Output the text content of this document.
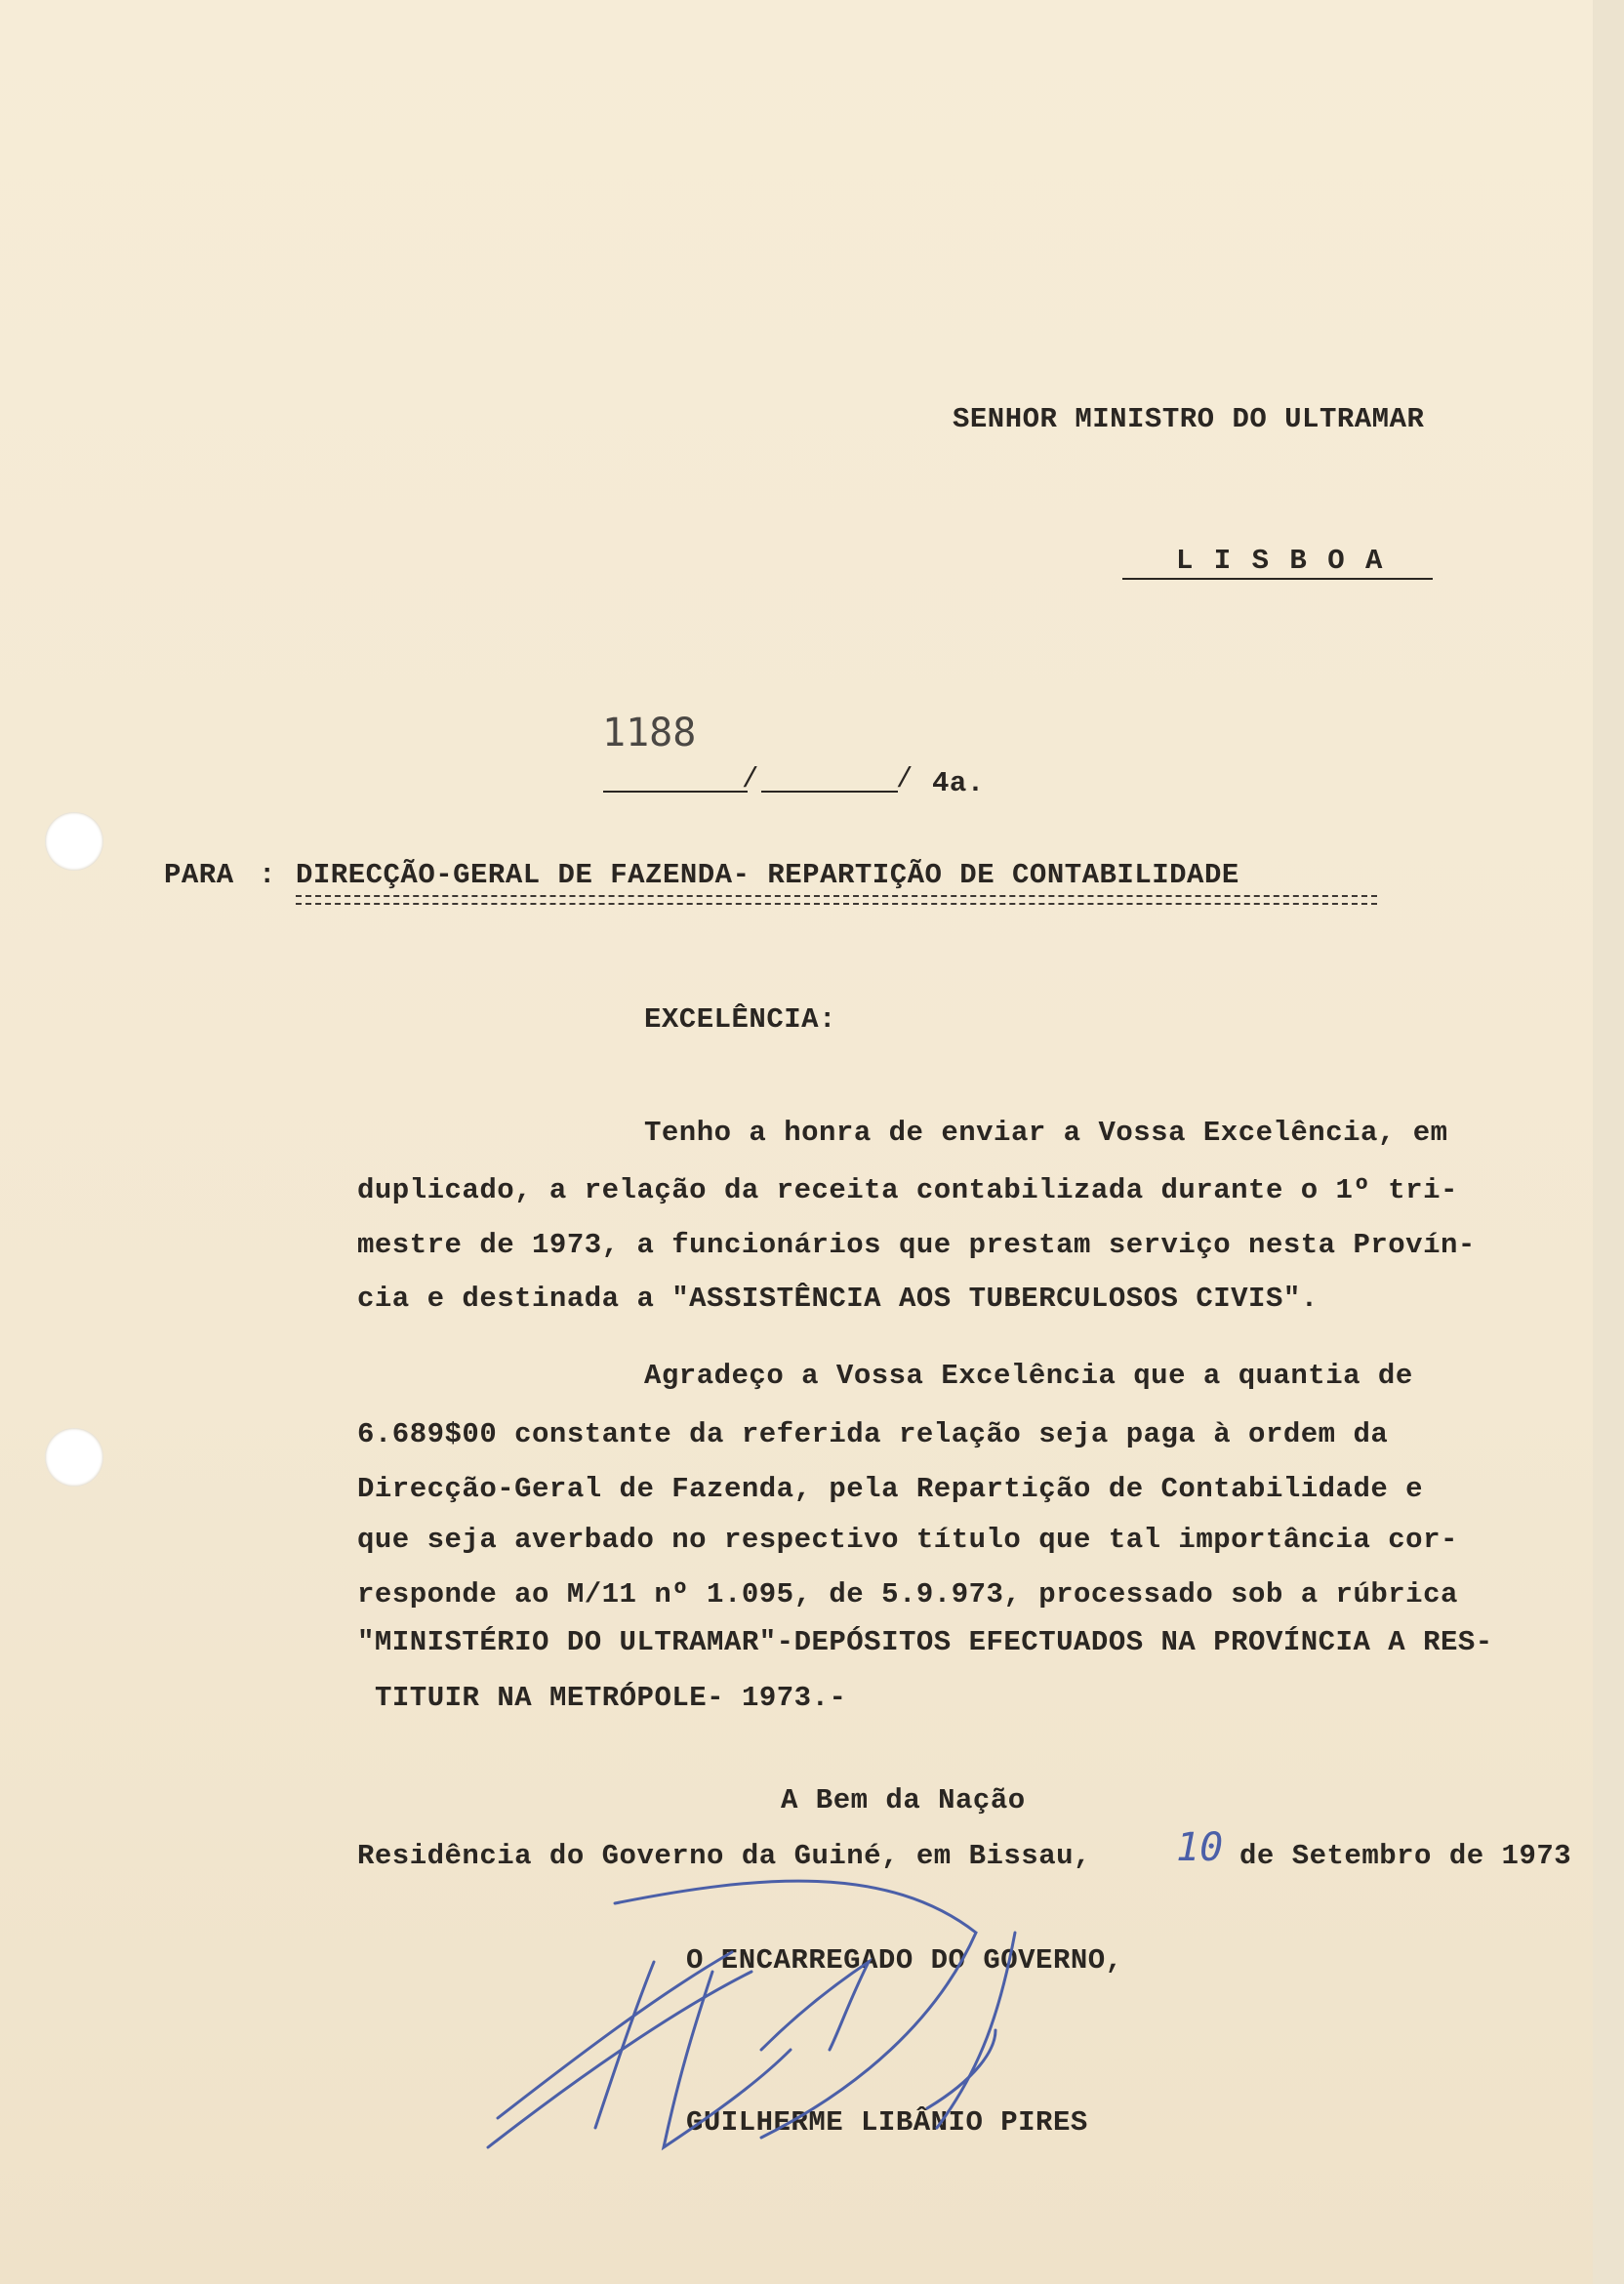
SENHOR MINISTRO DO ULTRAMAR
L I S B O A
1188
/	/ 4a.
PARA : DIRECÇÃO-GERAL DE FAZENDA- REPARTIÇÃO DE CONTABILIDADE
EXCELÊNCIA:
Tenho a honra de enviar a Vossa Excelência, em
duplicado, a relação da receita contabilizada durante o 1º tri-
mestre de 1973, a funcionários que prestam serviço nesta Provín-
cia e destinada a "ASSISTÊNCIA AOS TUBERCULOSOS CIVIS".
Agradeço a Vossa Excelência que a quantia de
6.689$00 constante da referida relação seja paga à ordem da
Direcção-Geral de Fazenda, pela Repartição de Contabilidade e
que seja averbado no respectivo título que tal importância cor-
responde ao M/11 nº 1.095, de 5.9.973, processado sob a rúbrica
"MINISTÉRIO DO ULTRAMAR"-DEPÓSITOS EFECTUADOS NA PROVÍNCIA A RES-
TITUIR NA METRÓPOLE- 1973.-
A Bem da Nação
Residência do Governo da Guiné, em Bissau, 10 de Setembro de 1973
O ENCARREGADO DO GOVERNO,
GUILHERME LIBÂNIO PIRES
